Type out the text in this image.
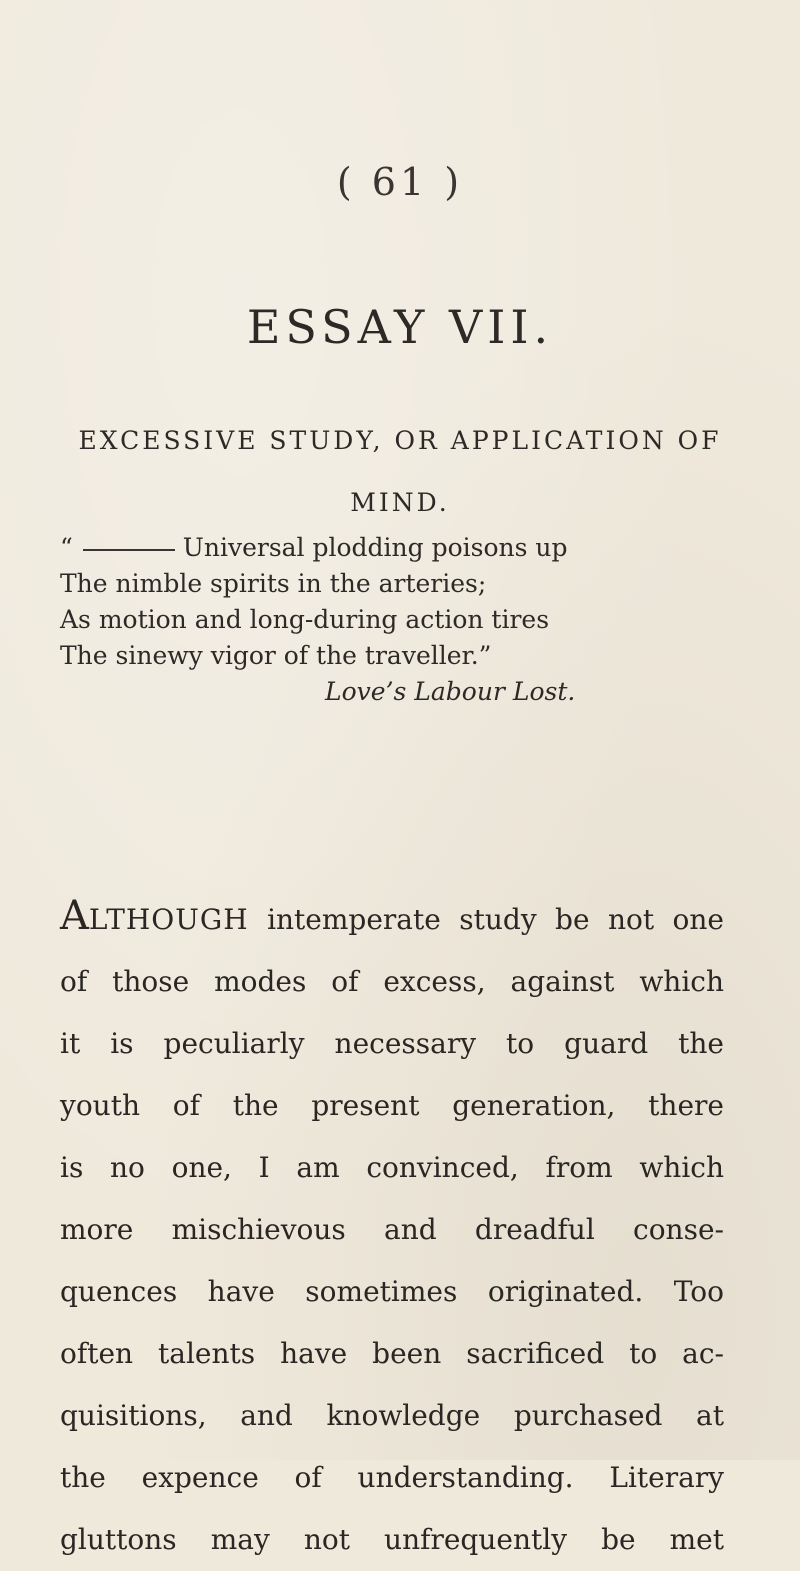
( 61 )
ESSAY VII.
EXCESSIVE STUDY, OR APPLICATION OF
MIND.
“	Universal plodding poisons up
The nimble spirits in the arteries;
As motion and long-during action tires
The sinewy vigor of the traveller.”
Love’s Labour Lost.
ALTHOUGH intemperate study be not one
of those modes of excess, against which
it is peculiarly necessary to guard the
youth of the present generation, there
is no one, I am convinced, from which
more mischievous and dreadful conse-
quences have sometimes originated. Too
often talents have been sacrificed to ac-
quisitions, and knowledge purchased at
the expence of understanding. Literary
gluttons may not unfrequently be met
